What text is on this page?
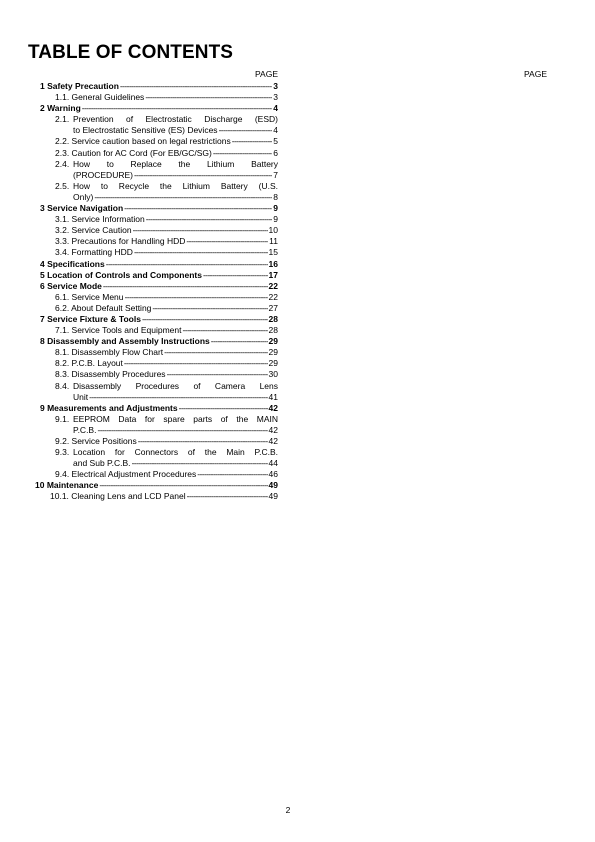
TABLE OF CONTENTS
PAGE	PAGE
1 Safety Precaution -----	3
1.1. General Guidelines -----	3
2 Warning -----	4
2.1. Prevention of Electrostatic Discharge (ESD)
to Electrostatic Sensitive (ES) Devices -----	4
2.2. Service caution based on legal restrictions -----	5
2.3. Caution for AC Cord (For EB/GC/SG) -----	6
2.4. How to Replace the Lithium Battery
(PROCEDURE) -----	7
2.5. How to Recycle the Lithium Battery (U.S.
Only) -----	8
3 Service Navigation -----	9
3.1. Service Information -----	9
3.2. Service Caution -----	10
3.3. Precautions for Handling HDD -----	11
3.4. Formatting HDD -----	15
4 Specifications -----	16
5 Location of Controls and Components -----	17
6 Service Mode -----	22
6.1. Service Menu -----	22
6.2. About Default Setting -----	27
7 Service Fixture & Tools -----	28
7.1. Service Tools and Equipment -----	28
8 Disassembly and Assembly Instructions -----	29
8.1. Disassembly Flow Chart -----	29
8.2. P.C.B. Layout -----	29
8.3. Disassembly Procedures -----	30
8.4. Disassembly Procedures of Camera Lens
Unit -----	41
9 Measurements and Adjustments -----	42
9.1. EEPROM Data for spare parts of the MAIN
P.C.B. -----	42
9.2. Service Positions -----	42
9.3. Location for Connectors of the Main P.C.B.
and Sub P.C.B. -----	44
9.4. Electrical Adjustment Procedures -----	46
10 Maintenance -----	49
10.1. Cleaning Lens and LCD Panel -----	49
2
